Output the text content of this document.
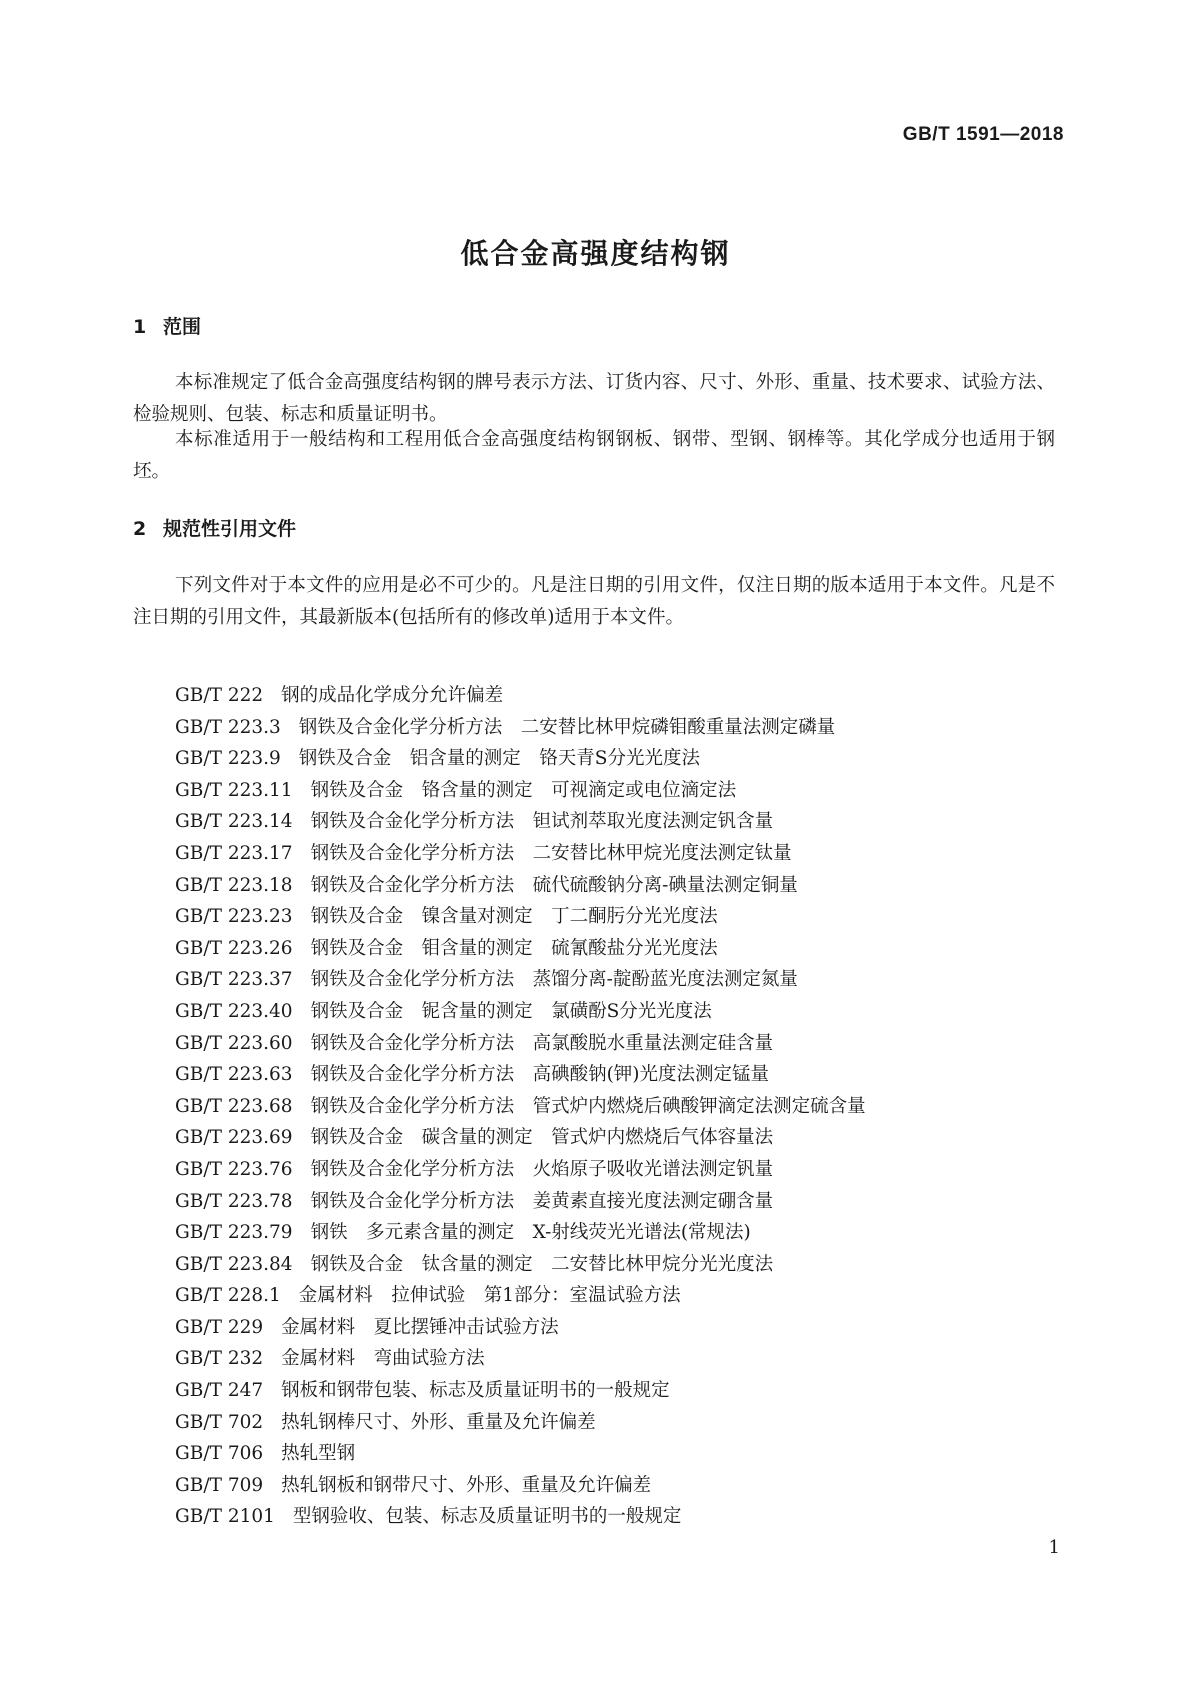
GB/T 1591—2018
低合金高强度结构钢
1 范围

本标准规定了低合金高强度结构钢的牌号表示方法、订货内容、尺寸、外形、重量、技术要求、试验方法、检验规则、包装、标志和质量证明书。

本标准适用于一般结构和工程用低合金高强度结构钢钢板、钢带、型钢、钢棒等。其化学成分也适用于钢坯。

2 规范性引用文件

下列文件对于本文件的应用是必不可少的。凡是注日期的引用文件，仅注日期的版本适用于本文件。凡是不注日期的引用文件，其最新版本(包括所有的修改单)适用于本文件。

GB/T 222 钢的成品化学成分允许偏差
GB/T 223.3 钢铁及合金化学分析方法　二安替比林甲烷磷钼酸重量法测定磷量
GB/T 223.9 钢铁及合金　铝含量的测定　铬天青S分光光度法
GB/T 223.11 钢铁及合金　铬含量的测定　可视滴定或电位滴定法
GB/T 223.14 钢铁及合金化学分析方法　钽试剂萃取光度法测定钒含量
GB/T 223.17 钢铁及合金化学分析方法　二安替比林甲烷光度法测定钛量
GB/T 223.18 钢铁及合金化学分析方法　硫代硫酸钠分离-碘量法测定铜量
GB/T 223.23 钢铁及合金　镍含量对测定　丁二酮肟分光光度法
GB/T 223.26 钢铁及合金　钼含量的测定　硫氰酸盐分光光度法
GB/T 223.37 钢铁及合金化学分析方法　蒸馏分离-靛酚蓝光度法测定氮量
GB/T 223.40 钢铁及合金　铌含量的测定　氯磺酚S分光光度法
GB/T 223.60 钢铁及合金化学分析方法　高氯酸脱水重量法测定硅含量
GB/T 223.63 钢铁及合金化学分析方法　高碘酸钠(钾)光度法测定锰量
GB/T 223.68 钢铁及合金化学分析方法　管式炉内燃烧后碘酸钾滴定法测定硫含量
GB/T 223.69 钢铁及合金　碳含量的测定　管式炉内燃烧后气体容量法
GB/T 223.76 钢铁及合金化学分析方法　火焰原子吸收光谱法测定钒量
GB/T 223.78 钢铁及合金化学分析方法　姜黄素直接光度法测定硼含量
GB/T 223.79 钢铁　多元素含量的测定　X-射线荧光光谱法(常规法)
GB/T 223.84 钢铁及合金　钛含量的测定　二安替比林甲烷分光光度法
GB/T 228.1 金属材料　拉伸试验　第1部分：室温试验方法
GB/T 229 金属材料　夏比摆锤冲击试验方法
GB/T 232 金属材料　弯曲试验方法
GB/T 247 钢板和钢带包装、标志及质量证明书的一般规定
GB/T 702 热轧钢棒尺寸、外形、重量及允许偏差
GB/T 706 热轧型钢
GB/T 709 热轧钢板和钢带尺寸、外形、重量及允许偏差
GB/T 2101 型钢验收、包装、标志及质量证明书的一般规定
1
